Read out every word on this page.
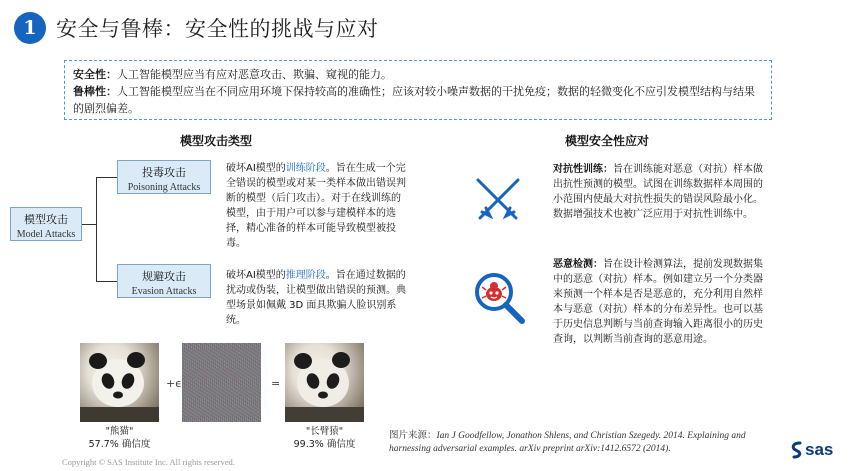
1 安全与鲁棒：安全性的挑战与应对
安全性：人工智能模型应当有应对恶意攻击、欺骗、窥视的能力。
鲁棒性：人工智能模型应当在不同应用环境下保持较高的准确性；应该对较小噪声数据的干扰免疫；数据的轻微变化不应引发模型结构与结果的剧烈偏差。
模型攻击类型	模型安全性应对
模型攻击
Model Attacks
投毒攻击
Poisoning Attacks
规避攻击
Evasion Attacks
破坏AI模型的训练阶段。旨在生成一个完全错误的模型或对某一类样本做出错误判断的模型（后门攻击）。对于在线训练的模型，由于用户可以参与建模样本的选择，精心准备的样本可能导致模型被投毒。
破坏AI模型的推理阶段。旨在通过数据的扰动或伪装，让模型做出错误的预测。典型场景如佩戴 3D 面具欺骗人脸识别系统。
+ϵ	=
"熊猫"
57.7% 确信度
"长臂猿"
99.3% 确信度
对抗性训练：旨在训练能对恶意（对抗）样本做出抗性预测的模型。试图在训练数据样本周围的小范围内使最大对抗性损失的错误风险最小化。数据增强技术也被广泛应用于对抗性训练中。
恶意检测：旨在设计检测算法，提前发现数据集中的恶意（对抗）样本。例如建立另一个分类器来预测一个样本是否是恶意的，充分利用自然样本与恶意（对抗）样本的分布差异性。也可以基于历史信息判断与当前查询输入距离很小的历史查询，以判断当前查询的恶意用途。
图片来源：Ian J Goodfellow, Jonathon Shlens, and Christian Szegedy. 2014. Explaining and harnessing adversarial examples. arXiv preprint arXiv:1412.6572 (2014).
Copyright © SAS Institute Inc. All rights reserved.
sas
